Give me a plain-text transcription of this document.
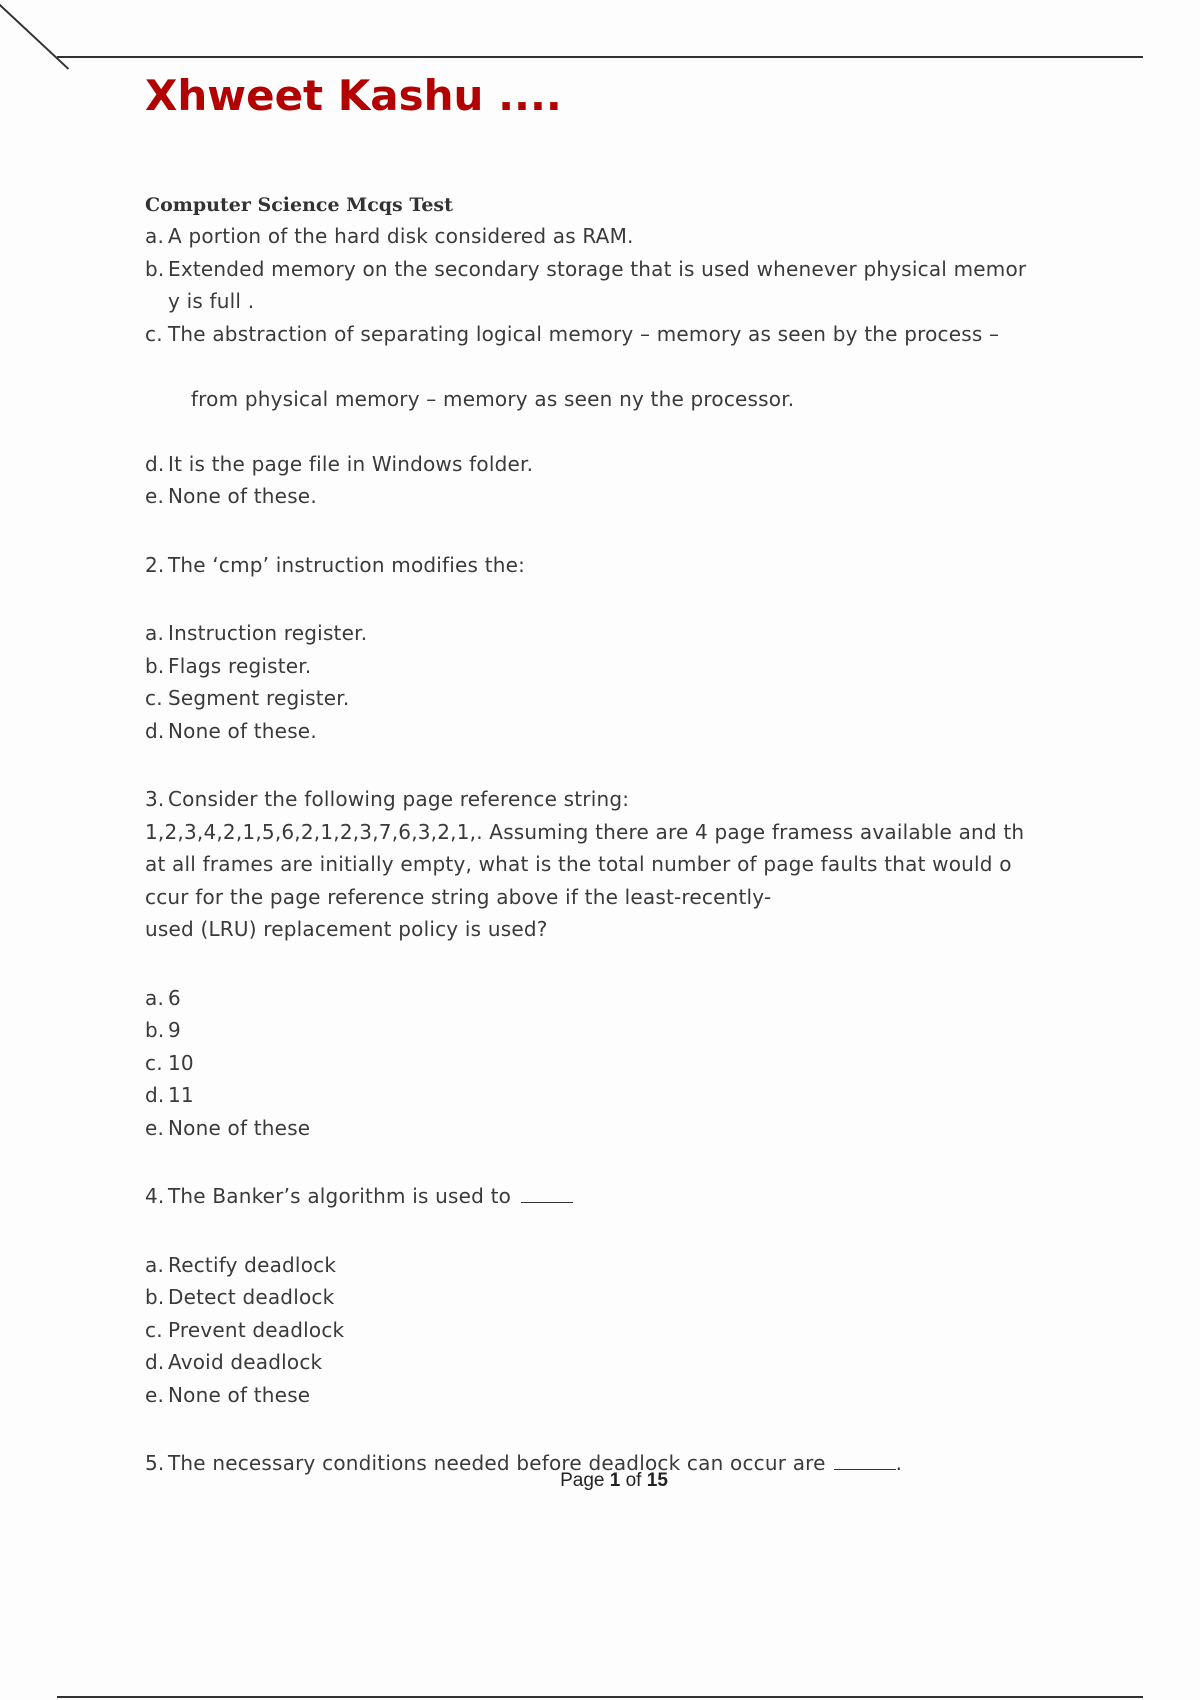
Xhweet Kashu ....
Computer Science Mcqs Test
a. A portion of the hard disk considered as RAM.
b. Extended memory on the secondary storage that is used whenever physical memor
y is full .
c. The abstraction of separating logical memory – memory as seen by the process –

from physical memory – memory as seen ny the processor.

d. It is the page file in Windows folder.
e. None of these.
2. The ‘cmp’ instruction modifies the:
a. Instruction register.
b. Flags register.
c. Segment register.
d. None of these.
3. Consider the following page reference string:
1,2,3,4,2,1,5,6,2,1,2,3,7,6,3,2,1,. Assuming there are 4 page framess available and th
at all frames are initially empty, what is the total number of page faults that would o
ccur for the page reference string above if the least-recently-
used (LRU) replacement policy is used?
a. 6
b. 9
c. 10
d. 11
e. None of these
4. The Banker’s algorithm is used to
a. Rectify deadlock
b. Detect deadlock
c. Prevent deadlock
d. Avoid deadlock
e. None of these
5. The necessary conditions needed before deadlock can occur are	.
Page 1 of 15
